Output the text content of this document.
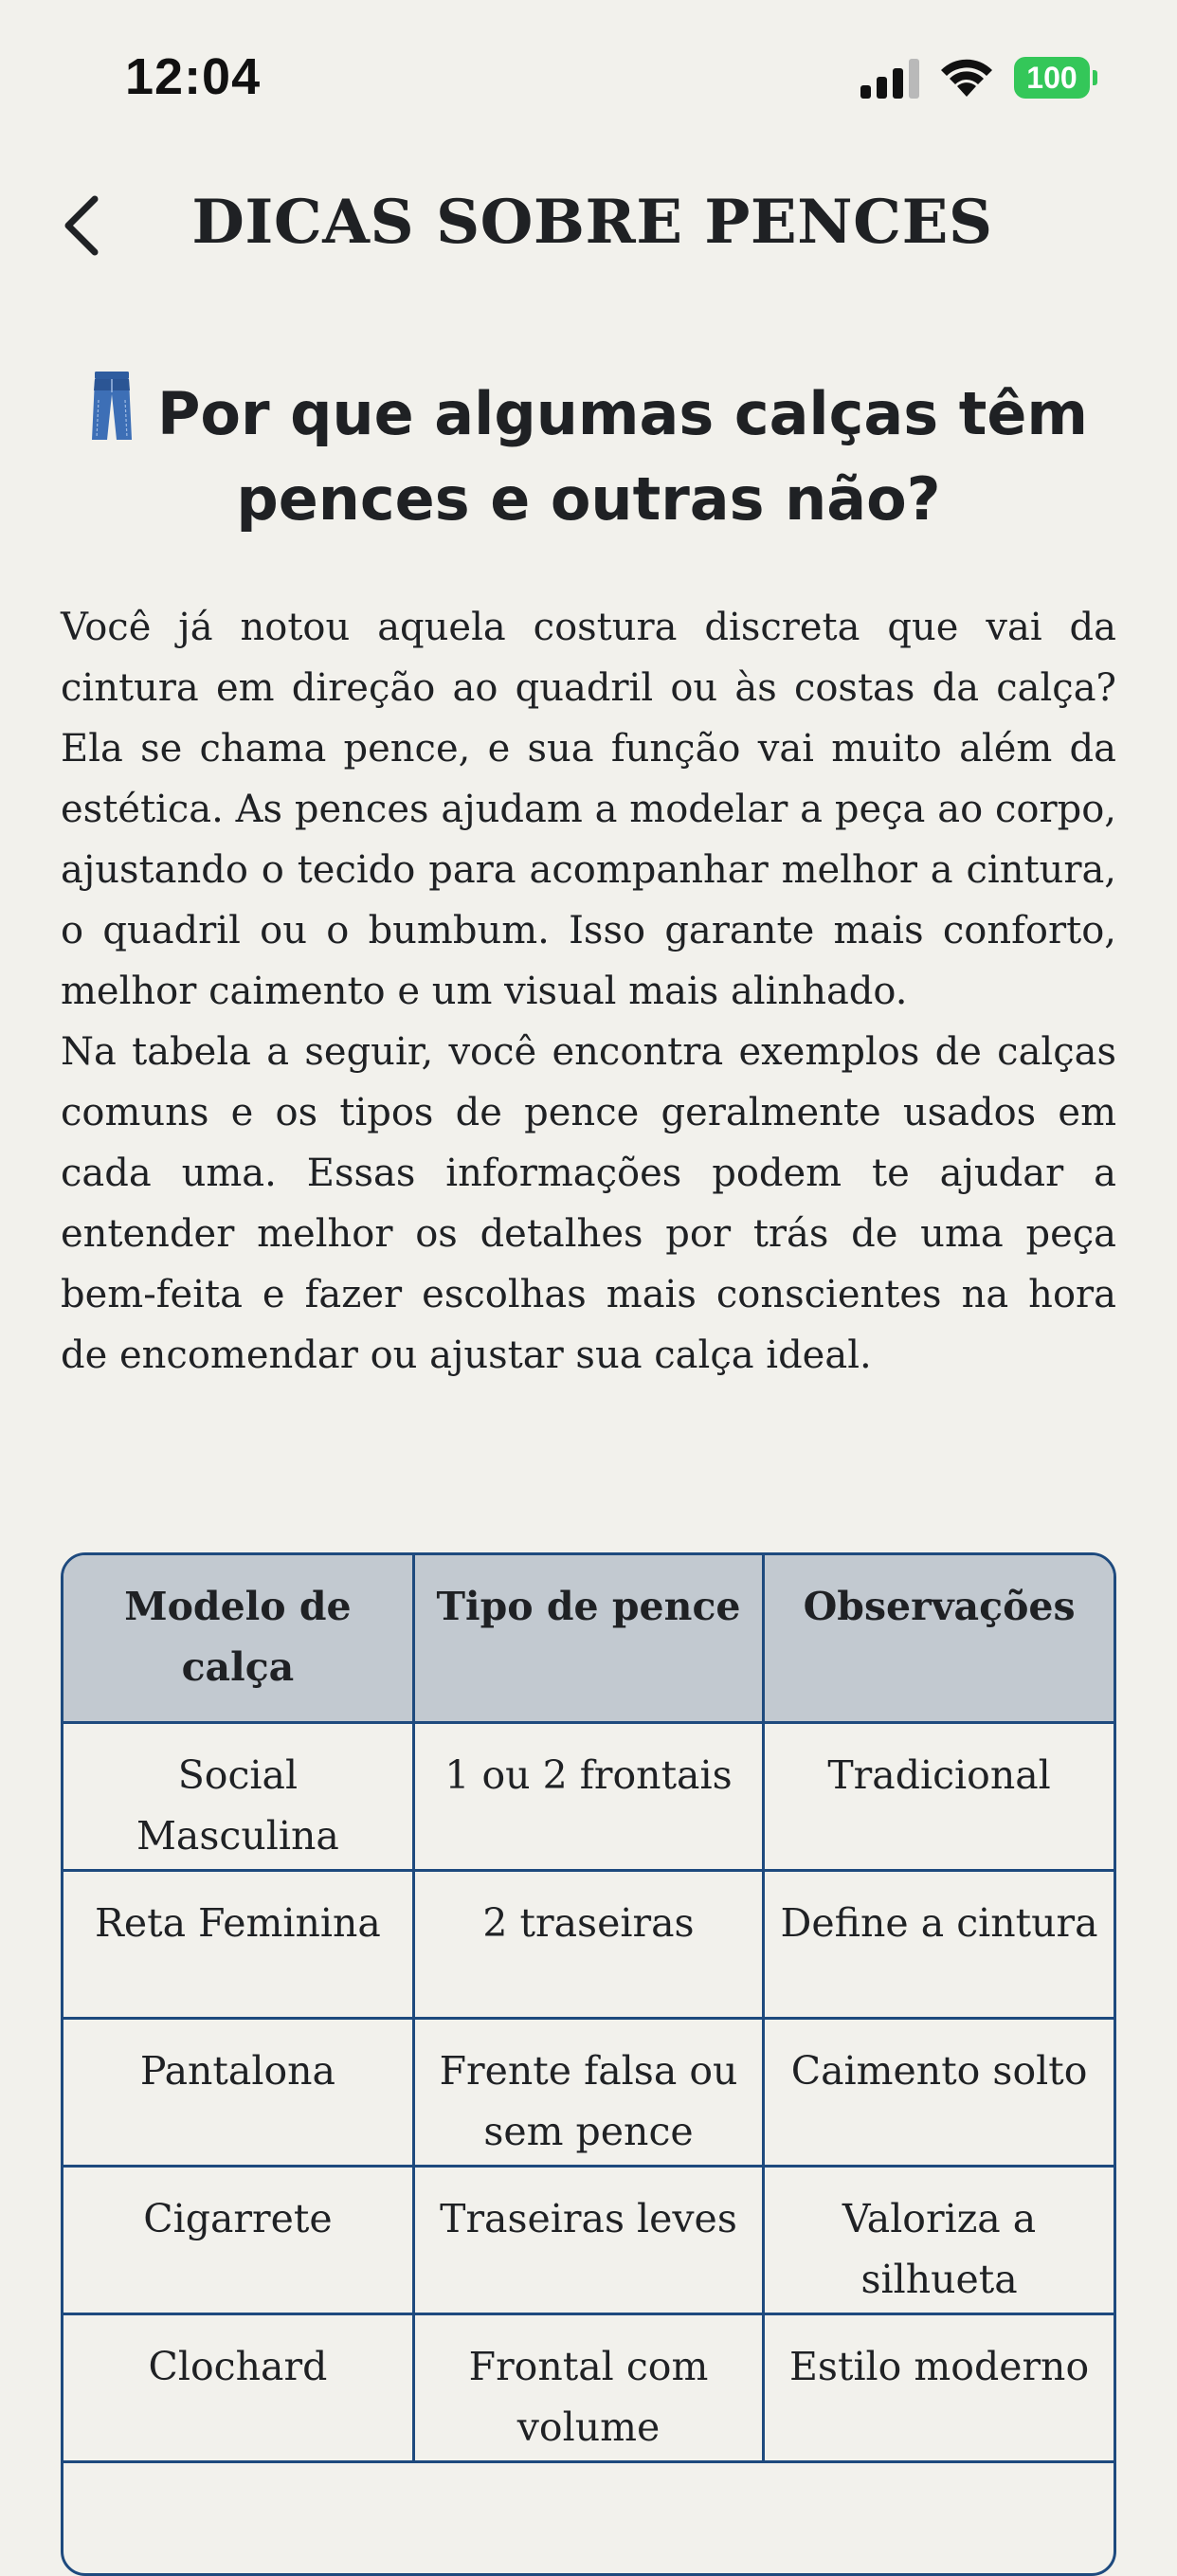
12:04	100
DICAS SOBRE PENCES
Por que algumas calças têm pences e outras não?

Você já notou aquela costura discreta que vai da cintura em direção ao quadril ou às costas da calça? Ela se chama pence, e sua função vai muito além da estética. As pences ajudam a modelar a peça ao corpo, ajustando o tecido para acompanhar melhor a cintura, o quadril ou o bumbum. Isso garante mais conforto, melhor caimento e um visual mais alinhado.

Na tabela a seguir, você encontra exemplos de calças comuns e os tipos de pence geralmente usados em cada uma. Essas informações podem te ajudar a entender melhor os detalhes por trás de uma peça bem-feita e fazer escolhas mais conscientes na hora de encomendar ou ajustar sua calça ideal.

Modelo de calça	Tipo de pence	Observações
Social Masculina	1 ou 2 frontais	Tradicional
Reta Feminina	2 traseiras	Define a cintura
Pantalona	Frente falsa ou sem pence	Caimento solto
Cigarrete	Traseiras leves	Valoriza a silhueta
Clochard	Frontal com volume	Estilo moderno
